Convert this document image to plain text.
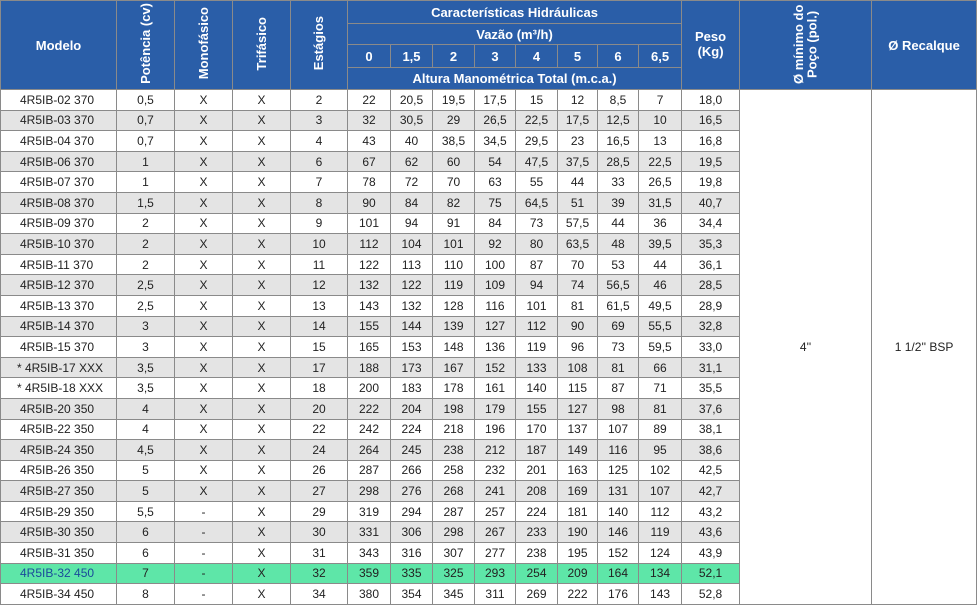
Modelo	Potência (cv)	Monofásico	Trifásico	Estágios	Características Hidráulicas								Peso (Kg)	Ø mínimo do Poço (pol.)	Ø Recalque
					Vazão (m³/h)										
					0	1,5	2	3	4	5	6	6,5			
					Altura Manométrica Total (m.c.a.)										
4R5IB-02 370	0,5	X	X	2	22	20,5	19,5	17,5	15	12	8,5	7	18,0	4''	1 1/2'' BSP
4R5IB-03 370	0,7	X	X	3	32	30,5	29	26,5	22,5	17,5	12,5	10	16,5		
4R5IB-04 370	0,7	X	X	4	43	40	38,5	34,5	29,5	23	16,5	13	16,8		
4R5IB-06 370	1	X	X	6	67	62	60	54	47,5	37,5	28,5	22,5	19,5		
4R5IB-07 370	1	X	X	7	78	72	70	63	55	44	33	26,5	19,8		
4R5IB-08 370	1,5	X	X	8	90	84	82	75	64,5	51	39	31,5	40,7		
4R5IB-09 370	2	X	X	9	101	94	91	84	73	57,5	44	36	34,4		
4R5IB-10 370	2	X	X	10	112	104	101	92	80	63,5	48	39,5	35,3		
4R5IB-11 370	2	X	X	11	122	113	110	100	87	70	53	44	36,1		
4R5IB-12 370	2,5	X	X	12	132	122	119	109	94	74	56,5	46	28,5		
4R5IB-13 370	2,5	X	X	13	143	132	128	116	101	81	61,5	49,5	28,9		
4R5IB-14 370	3	X	X	14	155	144	139	127	112	90	69	55,5	32,8		
4R5IB-15 370	3	X	X	15	165	153	148	136	119	96	73	59,5	33,0		
* 4R5IB-17 XXX	3,5	X	X	17	188	173	167	152	133	108	81	66	31,1		
* 4R5IB-18 XXX	3,5	X	X	18	200	183	178	161	140	115	87	71	35,5		
4R5IB-20 350	4	X	X	20	222	204	198	179	155	127	98	81	37,6		
4R5IB-22 350	4	X	X	22	242	224	218	196	170	137	107	89	38,1		
4R5IB-24 350	4,5	X	X	24	264	245	238	212	187	149	116	95	38,6		
4R5IB-26 350	5	X	X	26	287	266	258	232	201	163	125	102	42,5		
4R5IB-27 350	5	X	X	27	298	276	268	241	208	169	131	107	42,7		
4R5IB-29 350	5,5	-	X	29	319	294	287	257	224	181	140	112	43,2		
4R5IB-30 350	6	-	X	30	331	306	298	267	233	190	146	119	43,6		
4R5IB-31 350	6	-	X	31	343	316	307	277	238	195	152	124	43,9		
4R5IB-32 450	7	-	X	32	359	335	325	293	254	209	164	134	52,1		
4R5IB-34 450	8	-	X	34	380	354	345	311	269	222	176	143	52,8		
